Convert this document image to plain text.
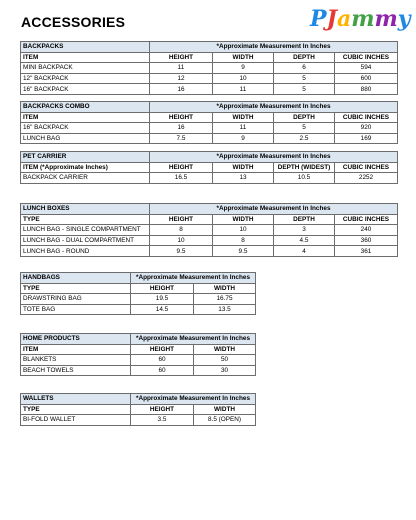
ACCESSORIES	PJammy
BACKPACKS	*Approximate Measurement In Inches			
ITEM	HEIGHT	WIDTH	DEPTH	CUBIC INCHES
MINI BACKPACK	11	9	6	594
12" BACKPACK	12	10	5	600
16" BACKPACK	16	11	5	880
BACKPACKS COMBO	*Approximate Measurement In Inches			
ITEM	HEIGHT	WIDTH	DEPTH	CUBIC INCHES
16" BACKPACK	16	11	5	920
LUNCH BAG	7.5	9	2.5	169
PET CARRIER	*Approximate Measurement In Inches			
ITEM (*Approximate Inches)	HEIGHT	WIDTH	DEPTH (WIDEST)	CUBIC INCHES
BACKPACK CARRIER	16.5	13	10.5	2252
LUNCH BOXES	*Approximate Measurement In Inches			
TYPE	HEIGHT	WIDTH	DEPTH	CUBIC INCHES
LUNCH BAG - SINGLE COMPARTMENT	8	10	3	240
LUNCH BAG - DUAL COMPARTMENT	10	8	4.5	360
LUNCH BAG - ROUND	9.5	9.5	4	361
HANDBAGS	*Approximate Measurement In Inches	
TYPE	HEIGHT	WIDTH
DRAWSTRING BAG	19.5	16.75
TOTE BAG	14.5	13.5
HOME PRODUCTS	*Approximate Measurement In Inches	
ITEM	HEIGHT	WIDTH
BLANKETS	60	50
BEACH TOWELS	60	30
WALLETS	*Approximate Measurement In Inches	
TYPE	HEIGHT	WIDTH
BI-FOLD WALLET	3.5	8.5 (OPEN)
